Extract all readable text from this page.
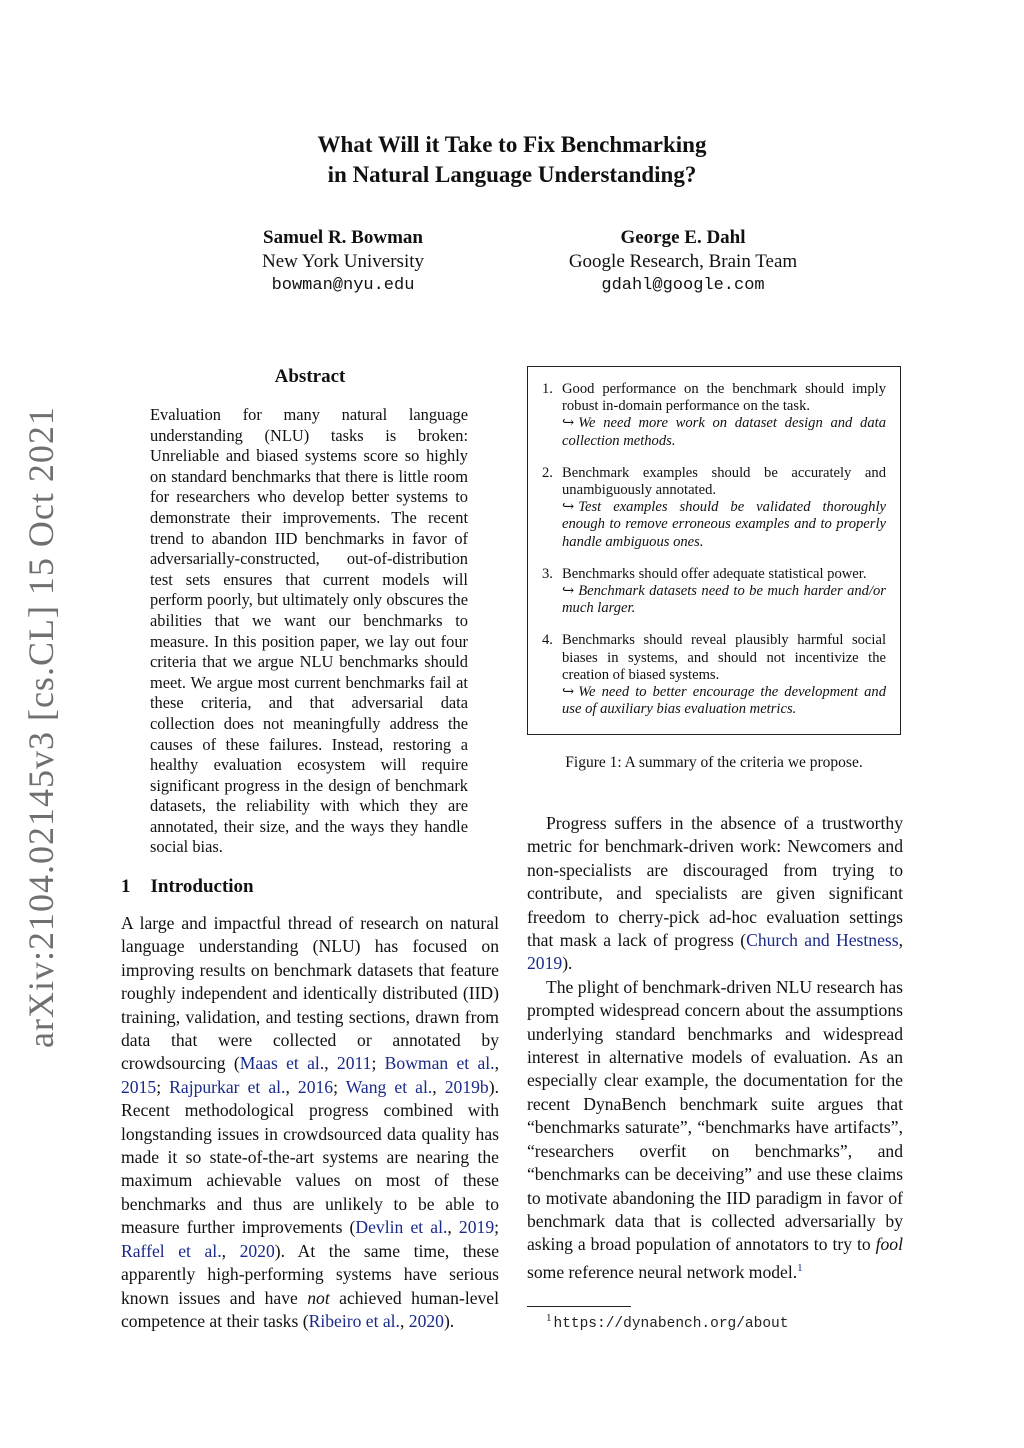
What Will it Take to Fix Benchmarking
in Natural Language Understanding?
Samuel R. Bowman
New York University
bowman@nyu.edu
George E. Dahl
Google Research, Brain Team
gdahl@google.com
arXiv:2104.02145v3 [cs.CL] 15 Oct 2021
Abstract
Evaluation for many natural language understanding (NLU) tasks is broken: Unreliable and biased systems score so highly on standard benchmarks that there is little room for researchers who develop better systems to demonstrate their improvements. The recent trend to abandon IID benchmarks in favor of adversarially-constructed, out-of-distribution test sets ensures that current models will perform poorly, but ultimately only obscures the abilities that we want our benchmarks to measure. In this position paper, we lay out four criteria that we argue NLU benchmarks should meet. We argue most current benchmarks fail at these criteria, and that adversarial data collection does not meaningfully address the causes of these failures. Instead, restoring a healthy evaluation ecosystem will require significant progress in the design of benchmark datasets, the reliability with which they are annotated, their size, and the ways they handle social bias.
1 Introduction
A large and impactful thread of research on natural language understanding (NLU) has focused on improving results on benchmark datasets that feature roughly independent and identically distributed (IID) training, validation, and testing sections, drawn from data that were collected or annotated by crowdsourcing (Maas et al., 2011; Bowman et al., 2015; Rajpurkar et al., 2016; Wang et al., 2019b). Recent methodological progress combined with longstanding issues in crowdsourced data quality has made it so state-of-the-art systems are nearing the maximum achievable values on most of these benchmarks and thus are unlikely to be able to measure further improvements (Devlin et al., 2019; Raffel et al., 2020). At the same time, these apparently high-performing systems have serious known issues and have not achieved human-level competence at their tasks (Ribeiro et al., 2020).
1. Good performance on the benchmark should imply robust in-domain performance on the task.
↪ We need more work on dataset design and data collection methods.
2. Benchmark examples should be accurately and unambiguously annotated.
↪ Test examples should be validated thoroughly enough to remove erroneous examples and to properly handle ambiguous ones.
3. Benchmarks should offer adequate statistical power.
↪ Benchmark datasets need to be much harder and/or much larger.
4. Benchmarks should reveal plausibly harmful social biases in systems, and should not incentivize the creation of biased systems.
↪ We need to better encourage the development and use of auxiliary bias evaluation metrics.
Figure 1: A summary of the criteria we propose.

Progress suffers in the absence of a trustworthy metric for benchmark-driven work: Newcomers and non-specialists are discouraged from trying to contribute, and specialists are given significant freedom to cherry-pick ad-hoc evaluation settings that mask a lack of progress (Church and Hestness, 2019).

The plight of benchmark-driven NLU research has prompted widespread concern about the assumptions underlying standard benchmarks and widespread interest in alternative models of evaluation. As an especially clear example, the documentation for the recent DynaBench benchmark suite argues that “benchmarks saturate”, “benchmarks have artifacts”, “researchers overfit on benchmarks”, and “benchmarks can be deceiving” and use these claims to motivate abandoning the IID paradigm in favor of benchmark data that is collected adversarially by asking a broad population of annotators to try to fool some reference neural network model.$^1$

$^1$ https://dynabench.org/about
